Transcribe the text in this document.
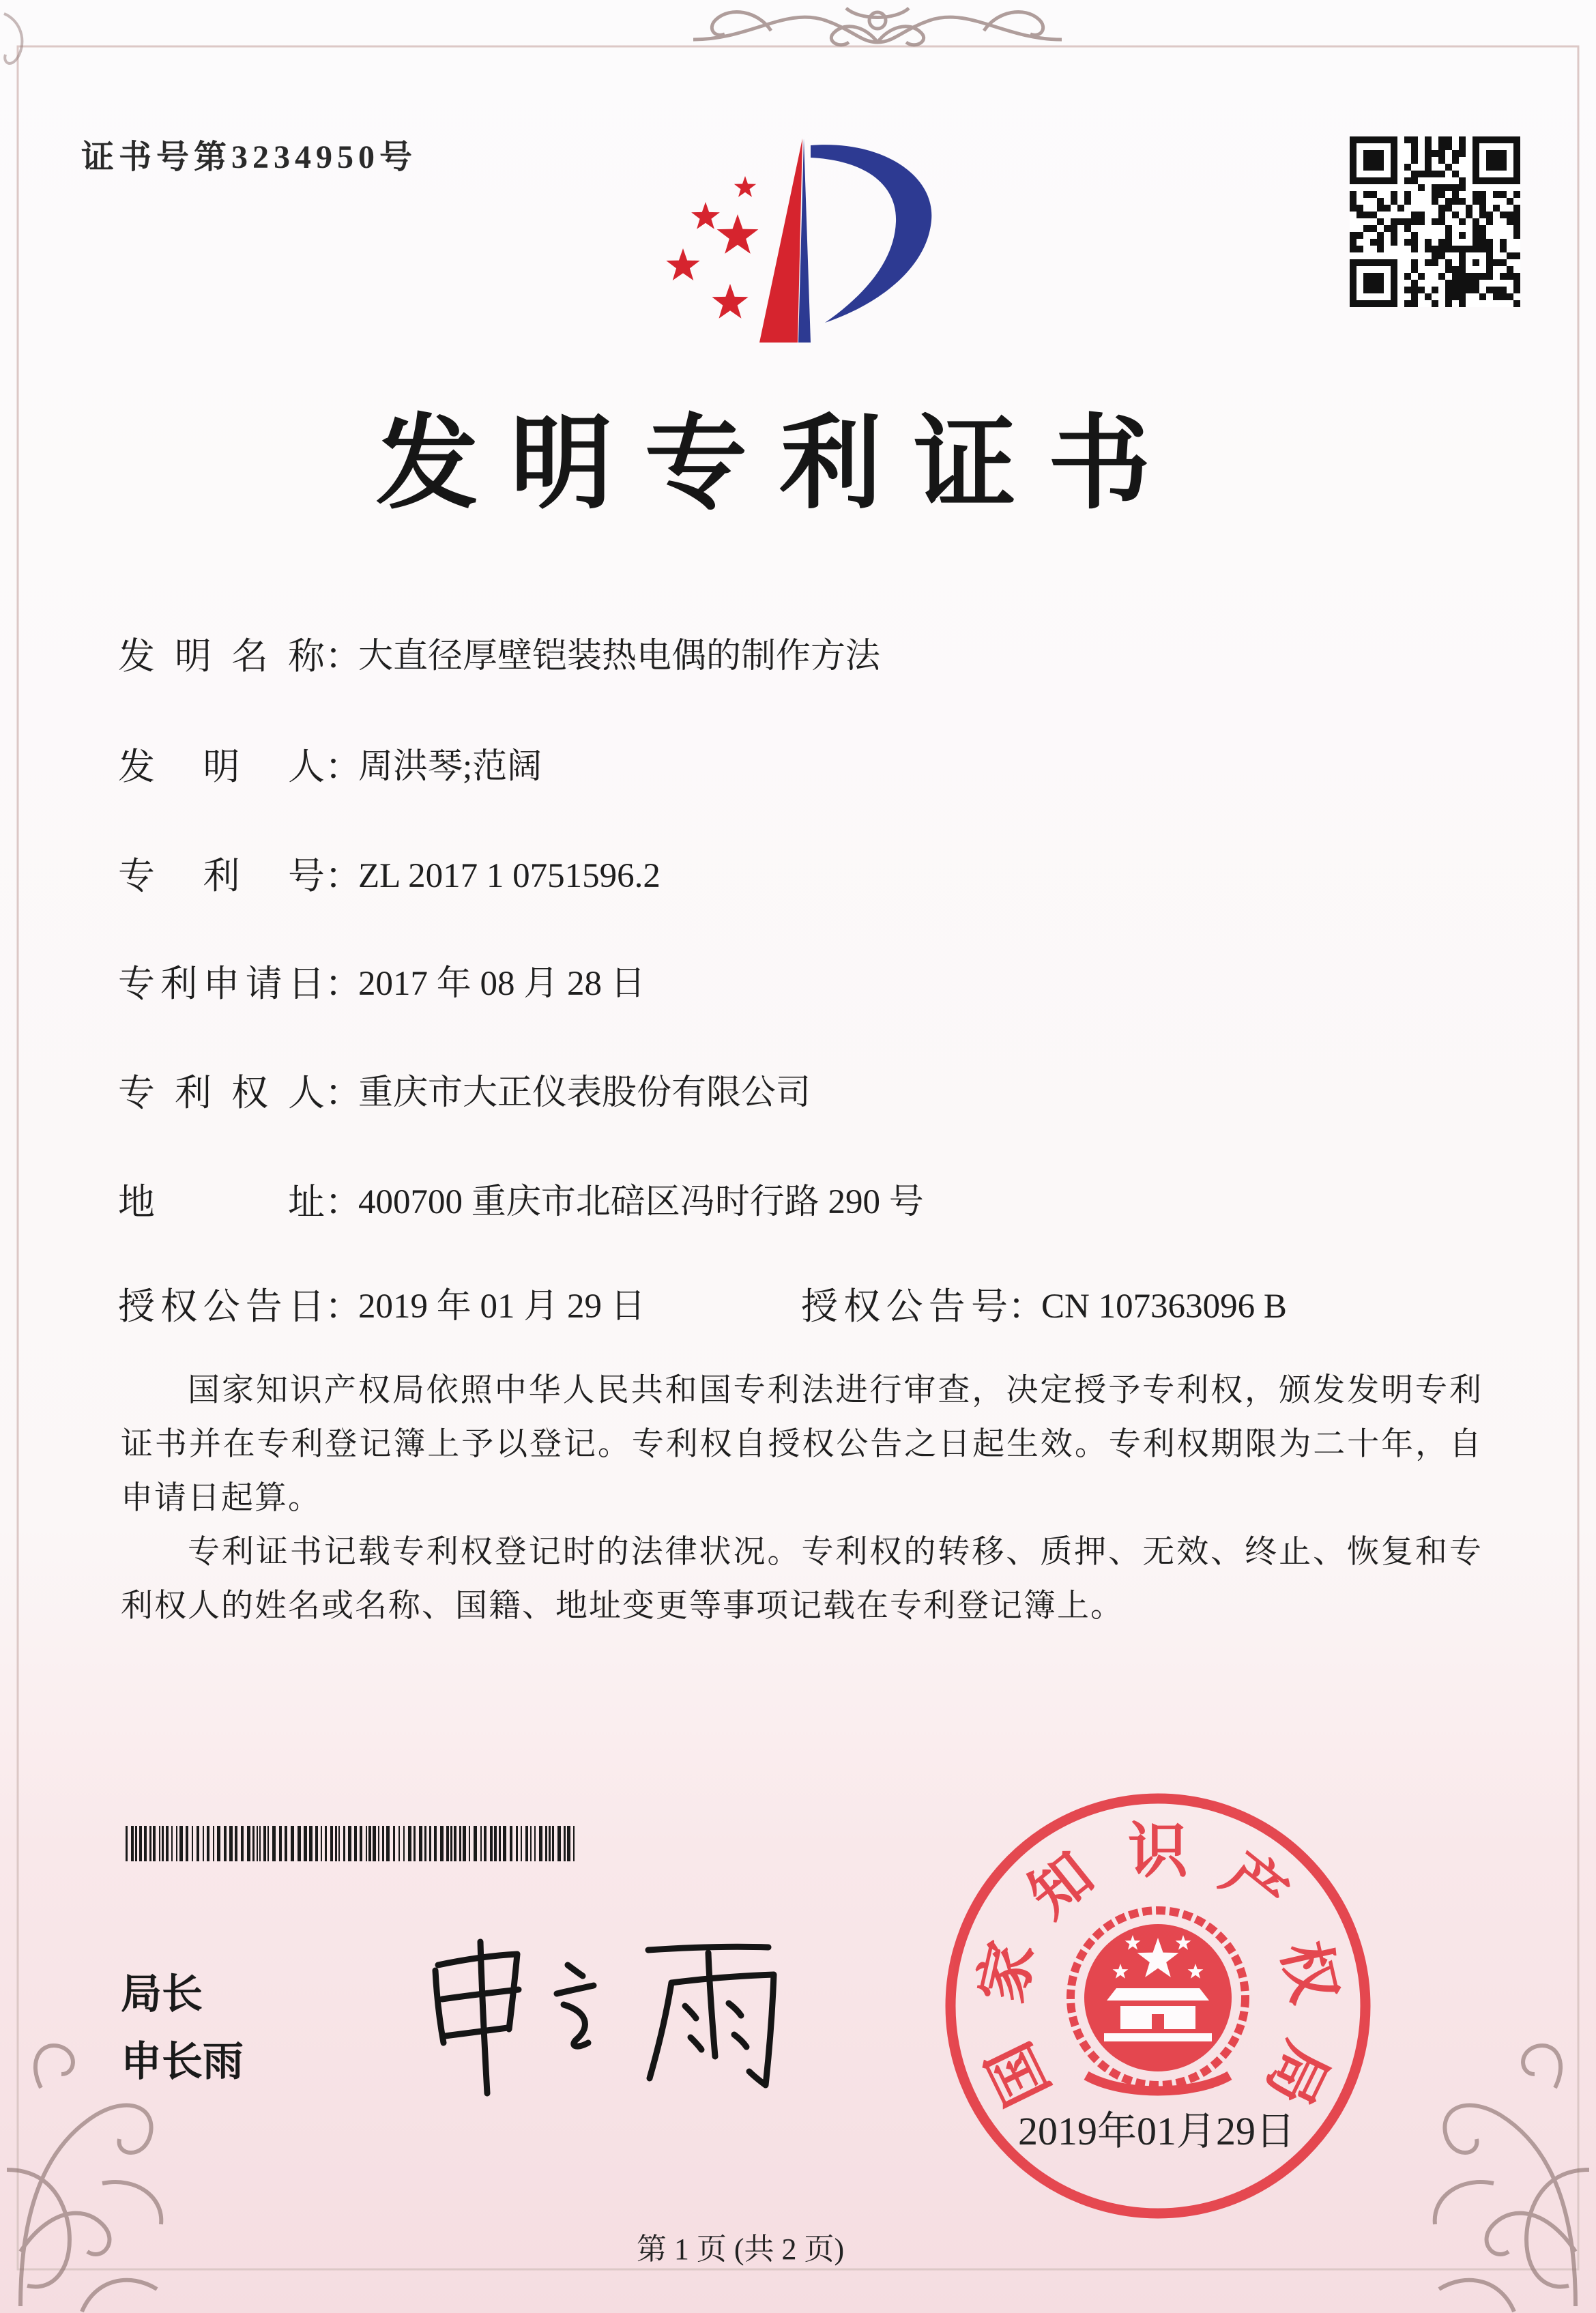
证书号第3234950号
发明专利证书
发 明 名 称 ：
大直径厚壁铠装热电偶的制作方法
发 明 人 ：
周洪琴;范阔
专 利 号 ：
ZL 2017 1 0751596.2
专 利 申 请 日 ：
2017 年 08 月 28 日
专 利 权 人 ：
重庆市大正仪表股份有限公司
地	址 ：
400700 重庆市北碚区冯时行路 290 号
授 权 公 告 日 ：
2019 年 01 月 29 日	授 权 公 告 号 ：
CN 107363096 B

国家知识产权局依照中华人民共和国专利法进行审查，决定授予专利权，颁发发明专利证书并在专利登记簿上予以登记。专利权自授权公告之日起生效。专利权期限为二十年，自申请日起算。

专利证书记载专利权登记时的法律状况。专利权的转移、质押、无效、终止、恢复和专利权人的姓名或名称、国籍、地址变更等事项记载在专利登记簿上。

局长
申长雨	国
家
知 识 产
权
局
2019年01月29日
第 1 页 (共 2 页)
